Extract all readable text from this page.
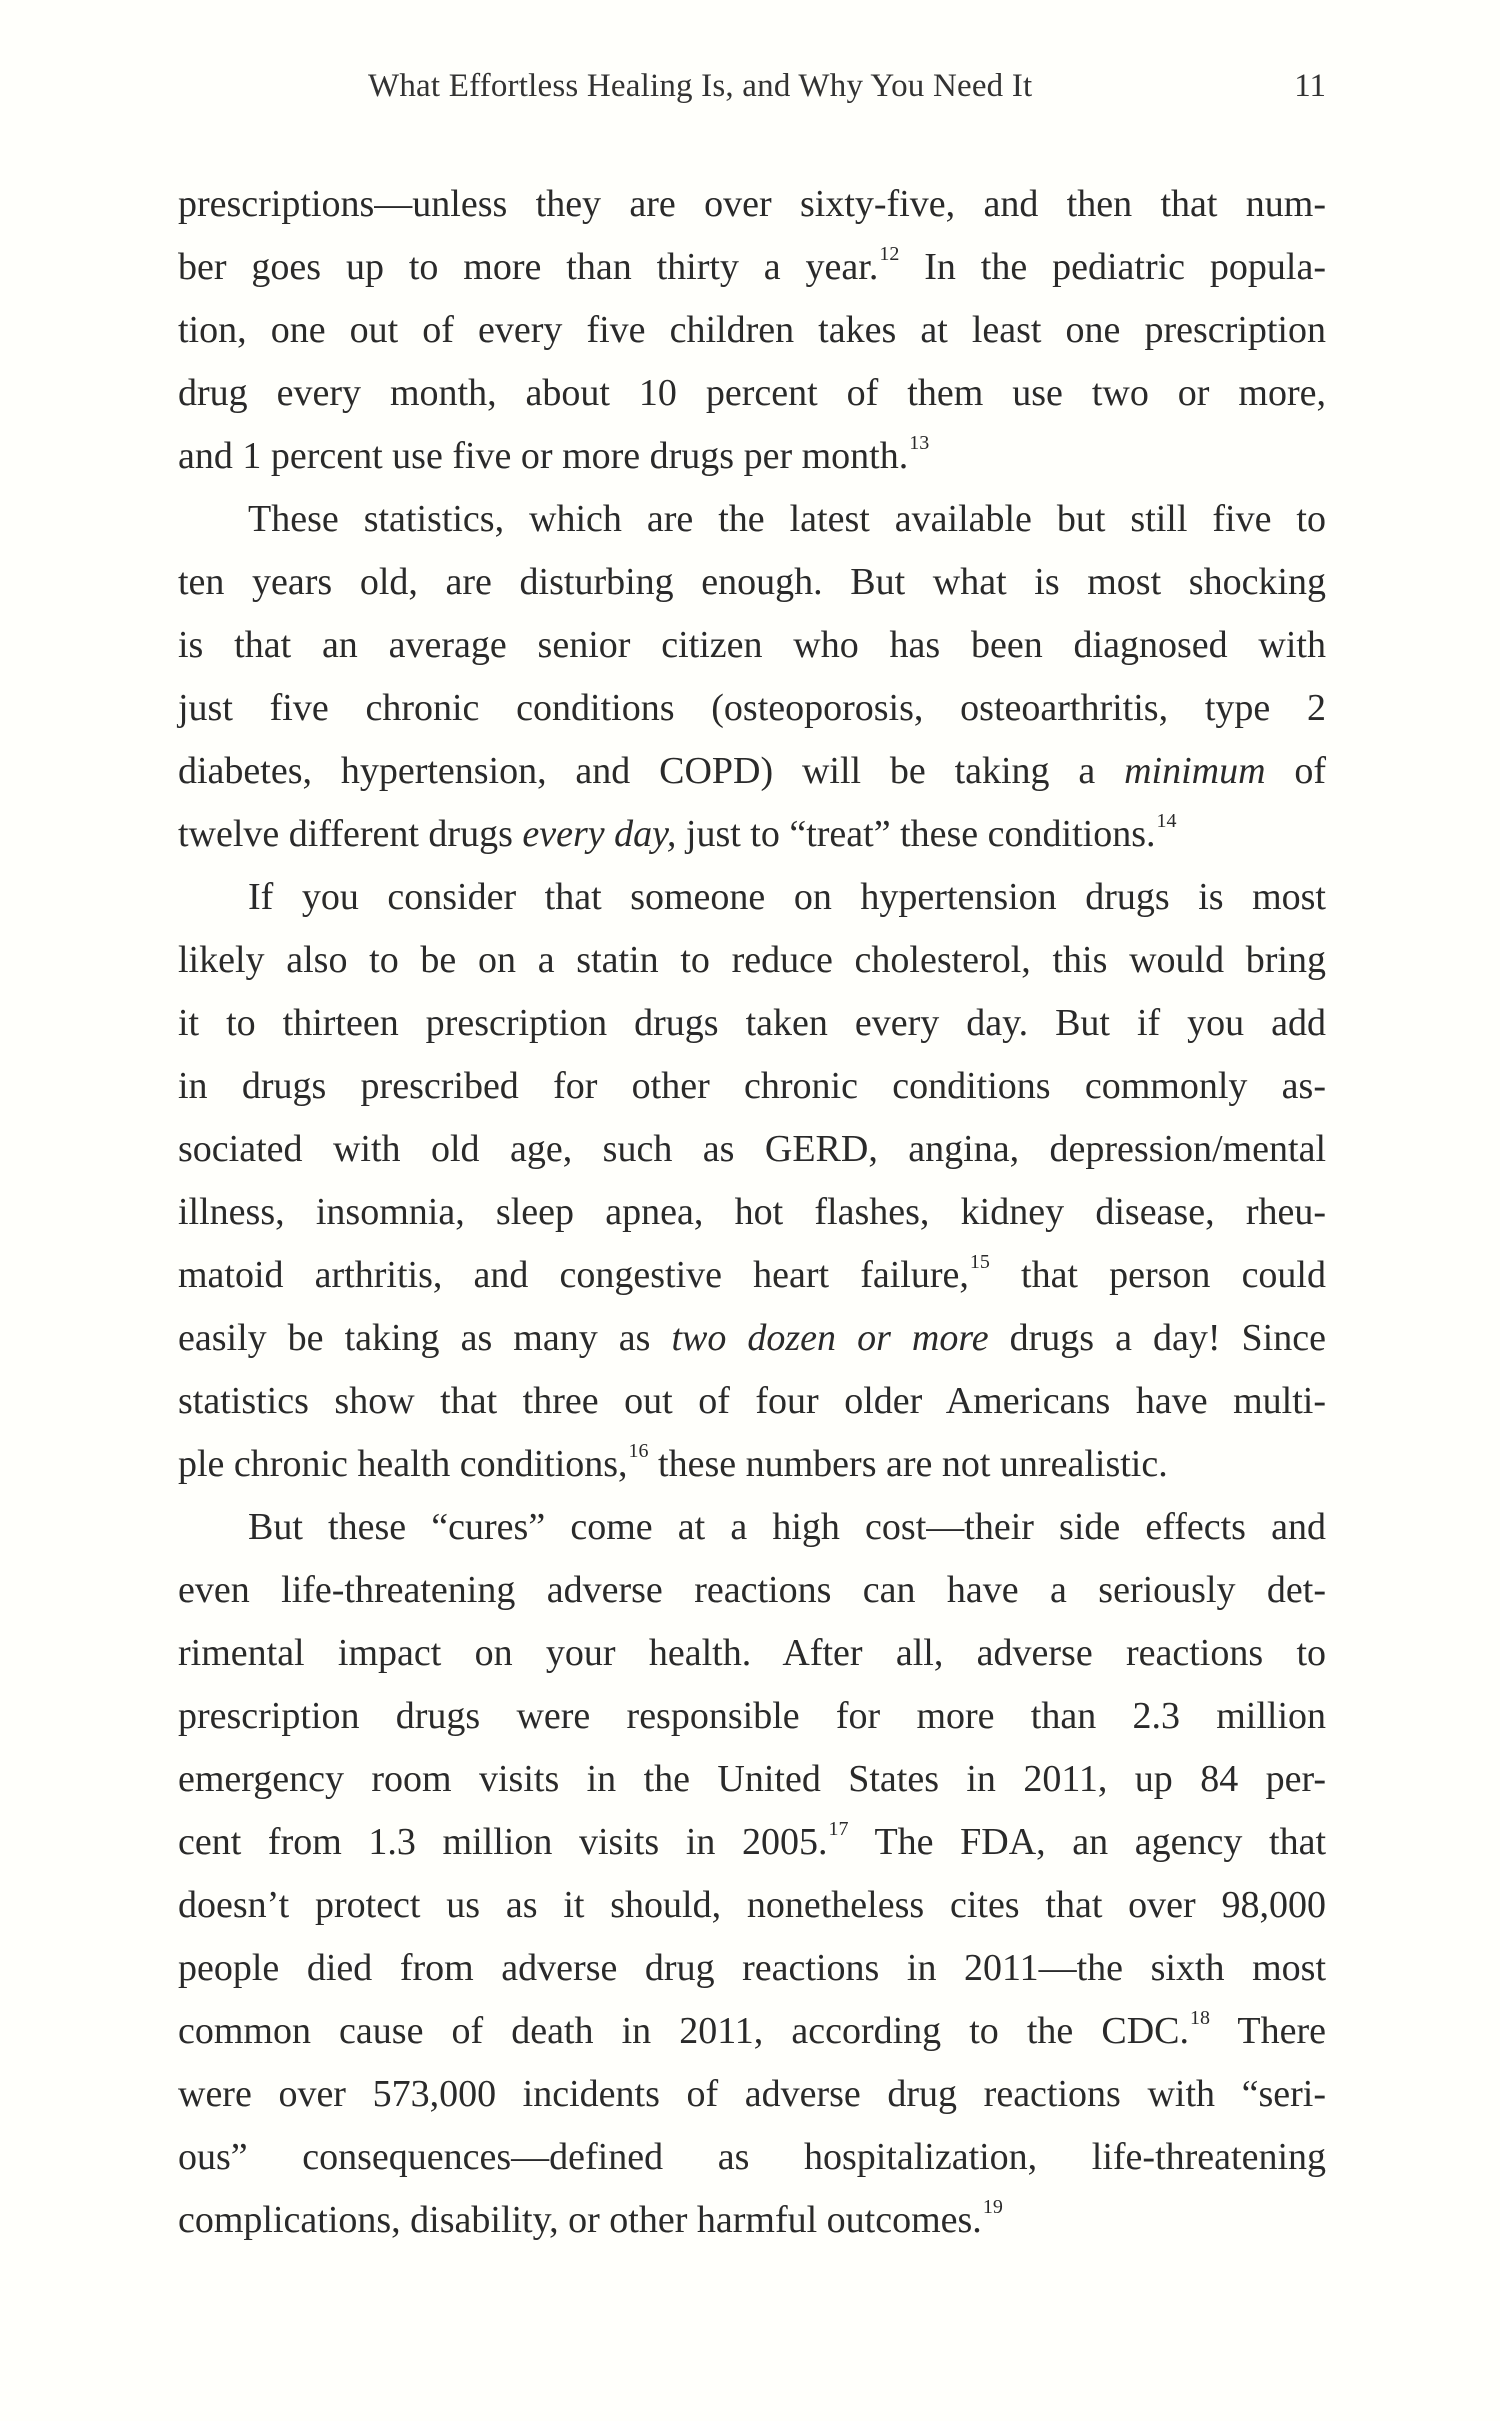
What Effortless Healing Is, and Why You Need It	11
prescriptions—unless they are over sixty-five, and then that num-
ber goes up to more than thirty a year.$^{12}$ In the pediatric popula-
tion, one out of every five children takes at least one prescription
drug every month, about 10 percent of them use two or more,
and 1 percent use five or more drugs per month.$^{13}$
These statistics, which are the latest available but still five to
ten years old, are disturbing enough. But what is most shocking
is that an average senior citizen who has been diagnosed with
just five chronic conditions (osteoporosis, osteoarthritis, type 2
diabetes, hypertension, and COPD) will be taking a minimum of
twelve different drugs every day, just to “treat” these conditions.$^{14}$
If you consider that someone on hypertension drugs is most
likely also to be on a statin to reduce cholesterol, this would bring
it to thirteen prescription drugs taken every day. But if you add
in drugs prescribed for other chronic conditions commonly as-
sociated with old age, such as GERD, angina, depression/mental
illness, insomnia, sleep apnea, hot flashes, kidney disease, rheu-
matoid arthritis, and congestive heart failure,$^{15}$ that person could
easily be taking as many as two dozen or more drugs a day! Since
statistics show that three out of four older Americans have multi-
ple chronic health conditions,$^{16}$ these numbers are not unrealistic.
But these “cures” come at a high cost—their side effects and
even life-threatening adverse reactions can have a seriously det-
rimental impact on your health. After all, adverse reactions to
prescription drugs were responsible for more than 2.3 million
emergency room visits in the United States in 2011, up 84 per-
cent from 1.3 million visits in 2005.17 The FDA, an agency that
doesn’t protect us as it should, nonetheless cites that over 98,000
people died from adverse drug reactions in 2011—the sixth most
common cause of death in 2011, according to the CDC.$^{18}$ There
were over 573,000 incidents of adverse drug reactions with “seri-
ous” consequences—defined as hospitalization, life-threatening
complications, disability, or other harmful outcomes.$^{19}$
